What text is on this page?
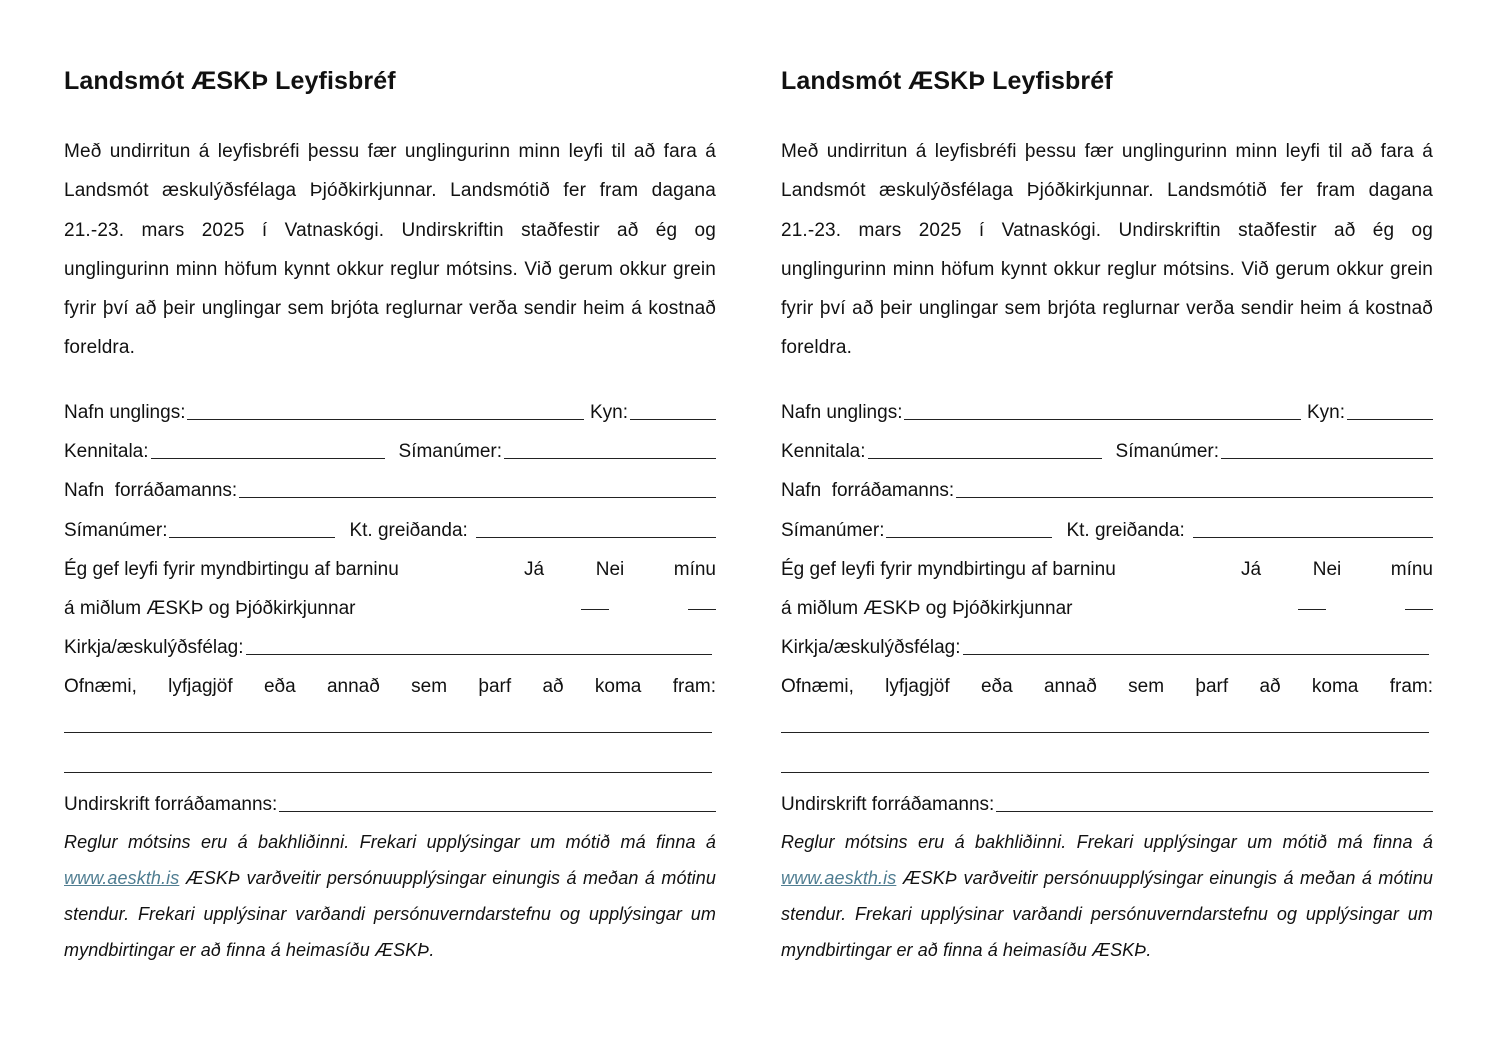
Landsmót ÆSKÞ Leyfisbréf
Með undirritun á leyfisbréfi þessu fær unglingurinn minn leyfi til að fara á Landsmót æskulýðsfélaga Þjóðkirkjunnar. Landsmótið fer fram dagana 21.-23. mars 2025 í Vatnaskógi. Undirskriftin staðfestir að ég og unglingurinn minn höfum kynnt okkur reglur mótsins. Við gerum okkur grein fyrir því að þeir unglingar sem brjóta reglurnar verða sendir heim á kostnað foreldra.
Nafn unglings:	Kyn:
Kennitala:	Símanúmer:
Nafn  forráðamanns:
Símanúmer:	Kt. greiðanda:
Ég gef leyfi fyrir myndbirtingu af barninu	Já	Nei	mínu
á miðlum ÆSKÞ og Þjóðkirkjunnar
Kirkja/æskulýðsfélag:
Ofnæmi,  lyfjagjöf  eða  annað  sem  þarf  að  koma  fram:
Undirskrift forráðamanns:
Reglur mótsins eru á bakhliðinni. Frekari upplýsingar um mótið má finna á www.aeskth.is ÆSKÞ varðveitir persónuupplýsingar einungis á meðan á mótinu stendur. Frekari upplýsinar varðandi persónuverndarstefnu og upplýsingar um myndbirtingar er að finna á heimasíðu ÆSKÞ.
Landsmót ÆSKÞ Leyfisbréf
Með undirritun á leyfisbréfi þessu fær unglingurinn minn leyfi til að fara á Landsmót æskulýðsfélaga Þjóðkirkjunnar. Landsmótið fer fram dagana 21.-23. mars 2025 í Vatnaskógi. Undirskriftin staðfestir að ég og unglingurinn minn höfum kynnt okkur reglur mótsins. Við gerum okkur grein fyrir því að þeir unglingar sem brjóta reglurnar verða sendir heim á kostnað foreldra.
Nafn unglings:	Kyn:
Kennitala:	Símanúmer:
Nafn  forráðamanns:
Símanúmer:	Kt. greiðanda:
Ég gef leyfi fyrir myndbirtingu af barninu	Já	Nei	mínu
á miðlum ÆSKÞ og Þjóðkirkjunnar
Kirkja/æskulýðsfélag:
Ofnæmi,  lyfjagjöf  eða  annað  sem  þarf  að  koma  fram:
Undirskrift forráðamanns:
Reglur mótsins eru á bakhliðinni. Frekari upplýsingar um mótið má finna á www.aeskth.is ÆSKÞ varðveitir persónuupplýsingar einungis á meðan á mótinu stendur. Frekari upplýsinar varðandi persónuverndarstefnu og upplýsingar um myndbirtingar er að finna á heimasíðu ÆSKÞ.
